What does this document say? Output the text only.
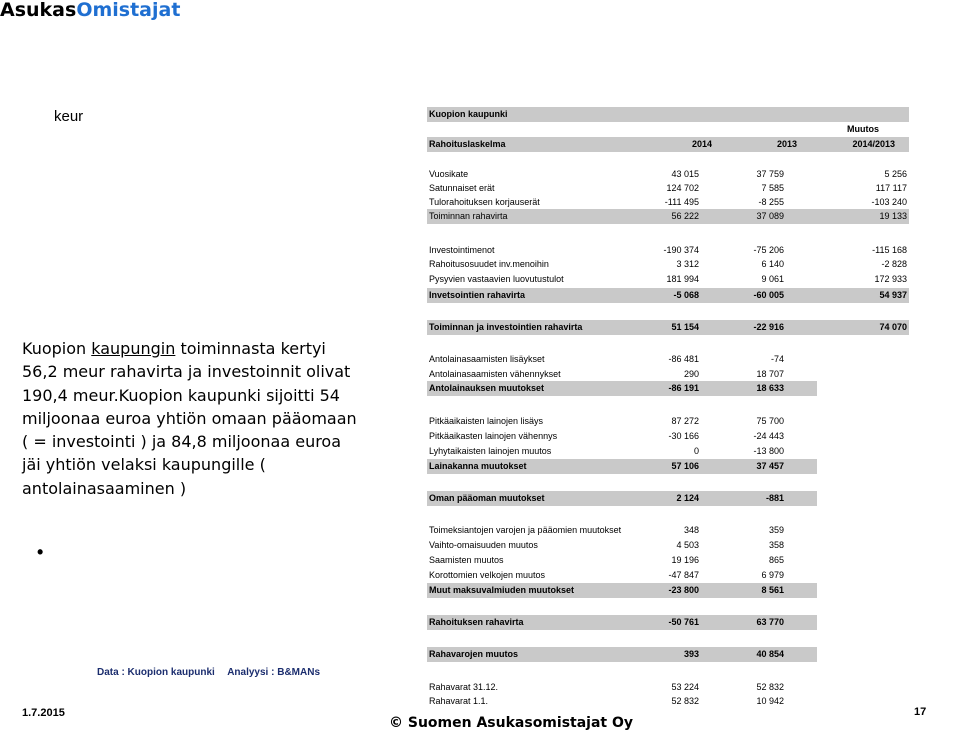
AsukasOmistajat
keur
Kuopion kaupungin toiminnasta kertyi 56,2 meur rahavirta ja investoinnit olivat 190,4 meur.Kuopion kaupunki sijoitti 54 miljoonaa euroa yhtiön omaan pääomaan ( = investointi ) ja 84,8 miljoonaa euroa jäi yhtiön velaksi kaupungille ( antolainasaaminen )
•
Data : Kuopion kaupunki Analyysi : B&MANs
1.7.2015
© Suomen Asukasomistajat Oy
17
Kuopion kaupunki
Muutos
Rahoituslaskelma	2014	2013	2014/2013
Vuosikate	43 015	37 759	5 256
Satunnaiset erät	124 702	7 585	117 117
Tulorahoituksen korjauserät	-111 495	-8 255	-103 240
Toiminnan rahavirta	56 222	37 089	19 133
Investointimenot	-190 374	-75 206	-115 168
Rahoitusosuudet inv.menoihin	3 312	6 140	-2 828
Pysyvien vastaavien luovutustulot	181 994	9 061	172 933
Invetsointien rahavirta	-5 068	-60 005	54 937
Toiminnan ja investointien rahavirta	51 154	-22 916	74 070
Antolainasaamisten lisäykset	-86 481	-74
Antolainasaamisten vähennykset	290	18 707
Antolainauksen muutokset	-86 191	18 633
Pitkäaikaisten lainojen lisäys	87 272	75 700
Pitkäaikasten lainojen vähennys	-30 166	-24 443
Lyhytaikaisten lainojen muutos	0	-13 800
Lainakanna muutokset	57 106	37 457
Oman pääoman muutokset	2 124	-881
Toimeksiantojen varojen ja pääomien muutokset	348	359
Vaihto-omaisuuden muutos	4 503	358
Saamisten muutos	19 196	865
Korottomien velkojen muutos	-47 847	6 979
Muut maksuvalmiuden muutokset	-23 800	8 561
Rahoituksen rahavirta	-50 761	63 770
Rahavarojen muutos	393	40 854
Rahavarat 31.12.	53 224	52 832
Rahavarat 1.1.	52 832	10 942
